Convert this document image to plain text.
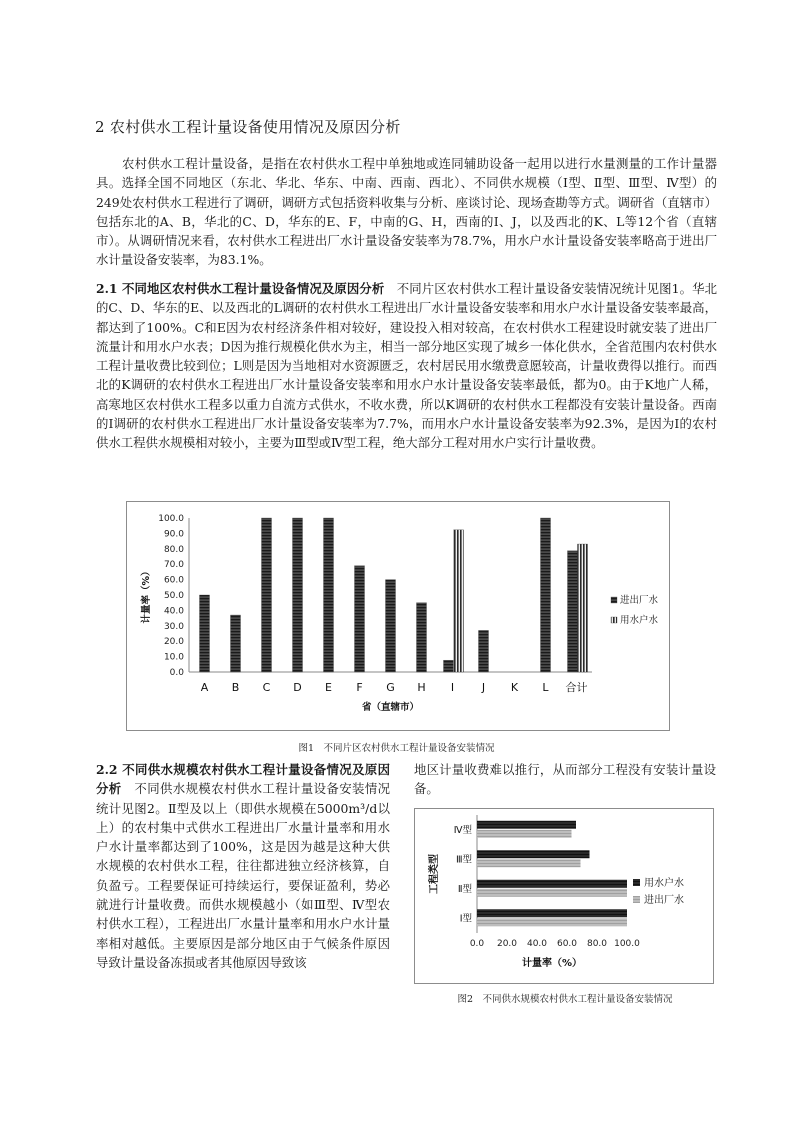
2 农村供水工程计量设备使用情况及原因分析

农村供水工程计量设备，是指在农村供水工程中单独地或连同辅助设备一起用以进行水量测量的工作计量器具。选择全国不同地区（东北、华北、华东、中南、西南、西北）、不同供水规模（Ⅰ型、Ⅱ型、Ⅲ型、Ⅳ型）的249处农村供水工程进行了调研，调研方式包括资料收集与分析、座谈讨论、现场查勘等方式。调研省（直辖市）包括东北的A、B，华北的C、D，华东的E、F，中南的G、H，西南的I、J，以及西北的K、L等12个省（直辖市）。从调研情况来看，农村供水工程进出厂水计量设备安装率为78.7%，用水户水计量设备安装率略高于进出厂水计量设备安装率，为83.1%。

2.1 不同地区农村供水工程计量设备情况及原因分析　不同片区农村供水工程计量设备安装情况统计见图1。华北的C、D、华东的E、以及西北的L调研的农村供水工程进出厂水计量设备安装率和用水户水计量设备安装率最高，都达到了100%。C和E因为农村经济条件相对较好，建设投入相对较高，在农村供水工程建设时就安装了进出厂流量计和用水户水表；D因为推行规模化供水为主，相当一部分地区实现了城乡一体化供水，全省范围内农村供水工程计量收费比较到位；L则是因为当地相对水资源匮乏，农村居民用水缴费意愿较高，计量收费得以推行。而西北的K调研的农村供水工程进出厂水计量设备安装率和用水户水计量设备安装率最低，都为0。由于K地广人稀，高寒地区农村供水工程多以重力自流方式供水，不收水费，所以K调研的农村供水工程都没有安装计量设备。西南的I调研的农村供水工程进出厂水计量设备安装率为7.7%，而用水户水计量设备安装率为92.3%，是因为I的农村供水工程供水规模相对较小，主要为Ⅲ型或Ⅳ型工程，绝大部分工程对用水户实行计量收费。

0.0
10.0
20.0
30.0
40.0
50.0
60.0
70.0
80.0
90.0
100.0
A B C D E F G H I	J K L 合计
省（直辖市）
计量率（%）	进出厂水
用水户水
图1　不同片区农村供水工程计量设备安装情况

2.2 不同供水规模农村供水工程计量设备情况及原因分析　不同供水规模农村供水工程计量设备安装情况统计见图2。Ⅱ型及以上（即供水规模在5000m³/d以上）的农村集中式供水工程进出厂水量计量率和用水户水计量率都达到了100%，这是因为越是这种大供水规模的农村供水工程，往往都进独立经济核算，自负盈亏。工程要保证可持续运行，要保证盈利，势必就进行计量收费。而供水规模越小（如Ⅲ型、Ⅳ型农村供水工程），工程进出厂水量计量率和用水户水计量率相对越低。主要原因是部分地区由于气候条件原因导致计量设备冻损或者其他原因导致该

地区计量收费难以推行，从而部分工程没有安装计量设备。

0.0 20.0 40.0 60.0 80.0 100.0
Ⅳ型
Ⅲ型
Ⅱ型
Ⅰ型
计量率（%）
工程类型	用水户水
进出厂水
图2　不同供水规模农村供水工程计量设备安装情况
